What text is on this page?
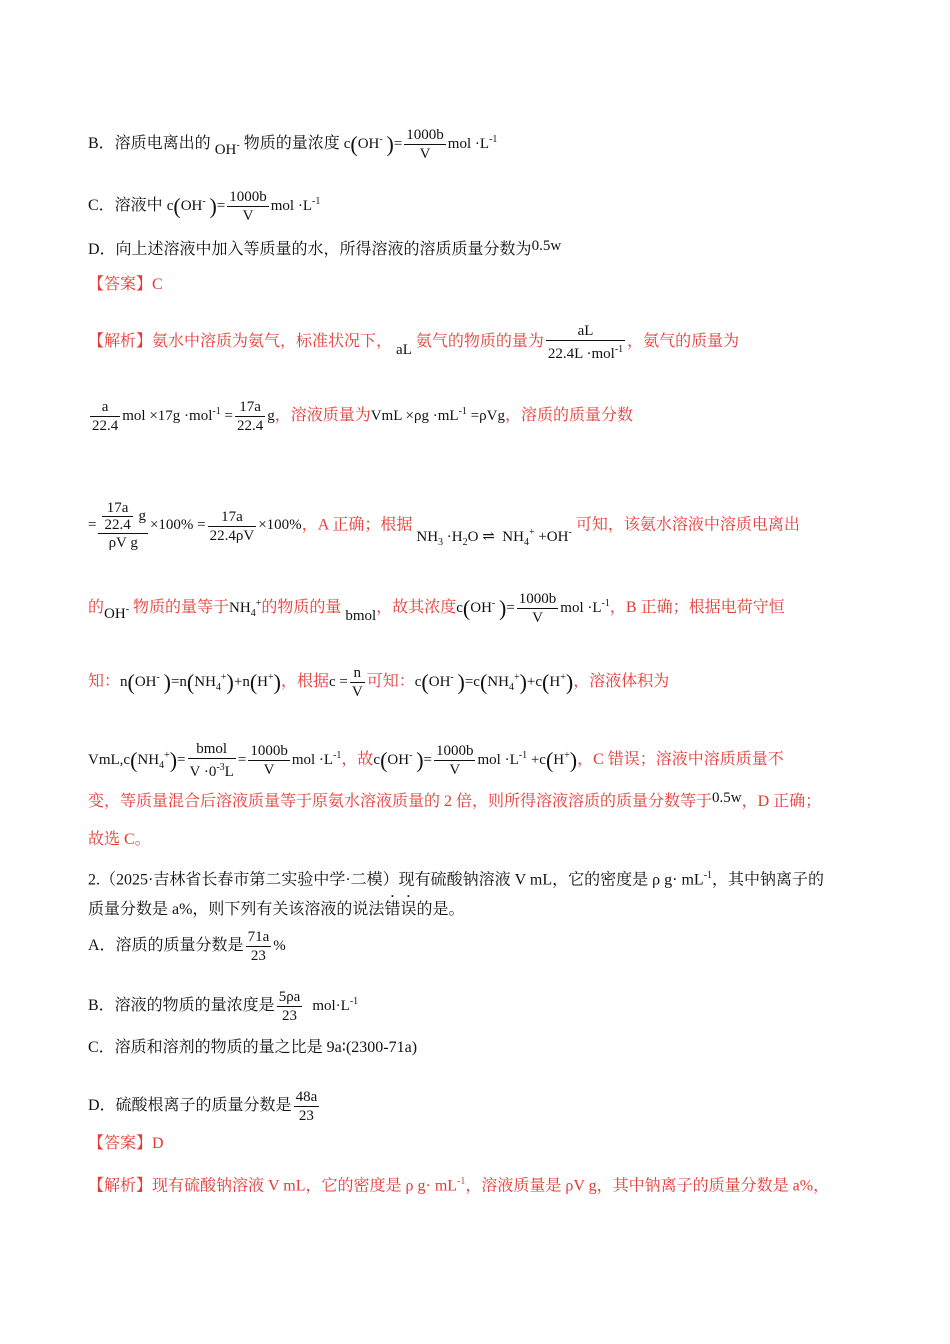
B．溶质电离出的 OH- 物质的量浓度 c(OH- )= $\frac{1000b}{V}$ mol $\cdot L^{-1}$
C．溶液中 c(OH- )= $\frac{1000b}{V}$ mol $\cdot L^{-1}$
D．向上述溶液中加入等质量的水，所得溶液的溶质质量分数为0.5w
【答案】C
【解析】氨水中溶质为氨气，标准状况下， aL 氨气的物质的量为 $\frac{aL}{22.4L \cdot mol^{-1}}$ ，氨气的质量为
$\frac{a}{22.4}$ mol $\times 17g \cdot mol^{-1} = \frac{17a}{22.4}$ g，溶液质量为VmL $\times\rho g \cdot mL^{-1} =\rho Vg$，溶质的质量分数
= $\frac{\frac{17a}{22.4} g}{\text{ρV g}} \times 100\% = \frac{17a}{22.4\rho V} \times 100\%$，A 正确；根据 $NH_3 \cdot H_2O$ ⇌  $NH_4^+ +OH^-$ 可知，该氨水溶液中溶质电离出
的OH- 物质的量等于$NH_4^+$的物质的量 bmol，故其浓度c(OH- )= $\frac{1000b}{V}$ mol $\cdot L^{-1}$，B 正确；根据电荷守恒
知：n(OH- )$=n(NH_4^+)+n(H^+)$，根据$c = \frac{n}{V}$ 可知：c(OH- )$=c(NH_4^+)+c(H^+)$，溶液体积为
$VmL,c(NH_4^+)= \frac{\text{bmol}}{V \cdot 0^{-3}L} = \frac{1000b}{V}$ mol $\cdot L^{-1}$，故c(OH- )= $\frac{1000b}{V}$ mol $\cdot L^{-1} +c(H^+)$，C 错误；溶液中溶质质量不
变，等质量混合后溶液质量等于原氨水溶液质量的 2 倍，则所得溶液溶质的质量分数等于0.5w，D 正确；
故选 C。
2.（2025·吉林省长春市第二实验中学·二模）现有硫酸钠溶液 V mL，它的密度是 ρ $g\cdot mL^{-1}$，其中钠离子的
质量分数是 a%，则下列有关该溶液的说法错误的是。
A．溶质的质量分数是 $\frac{71a}{23}$ %
B．溶液的物质的量浓度是 $\frac{5\rho a}{23} mol\cdot L^{-1}$
C．溶质和溶剂的物质的量之比是 9a∶(2300-71a)
D．硫酸根离子的质量分数是 $\frac{48a}{23}$
【答案】D
【解析】现有硫酸钠溶液 V mL，它的密度是 ρ $g\cdot mL^{-1}$，溶液质量是 ρV g，其中钠离子的质量分数是 a%，
